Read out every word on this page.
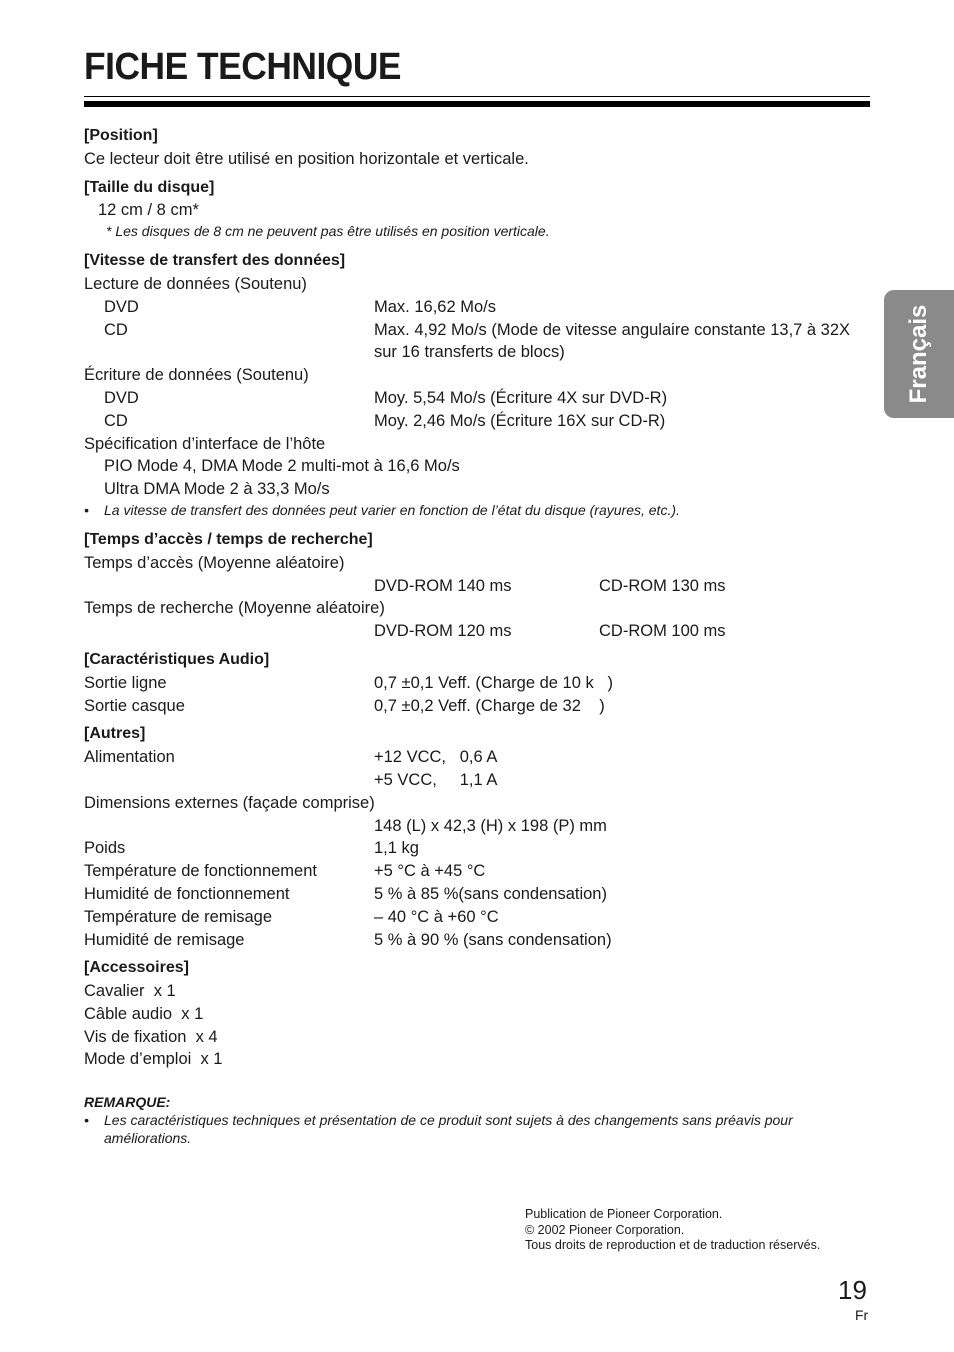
FICHE TECHNIQUE
Français
[Position]
Ce lecteur doit être utilisé en position horizontale et verticale.
[Taille du disque]
12 cm / 8 cm*
* Les disques de 8 cm ne peuvent pas être utilisés en position verticale.
[Vitesse de transfert des données]
Lecture de données (Soutenu)
DVD	Max. 16,62 Mo/s
CD	Max. 4,92 Mo/s (Mode de vitesse angulaire constante 13,7 à 32X sur 16 transferts de blocs)
Écriture de données (Soutenu)
DVD	Moy. 5,54 Mo/s (Écriture 4X sur DVD-R)
CD	Moy. 2,46 Mo/s (Écriture 16X sur CD-R)
Spécification d’interface de l’hôte
PIO Mode 4, DMA Mode 2 multi-mot à 16,6 Mo/s
Ultra DMA Mode 2 à 33,3 Mo/s
• La vitesse de transfert des données peut varier en fonction de l’état du disque (rayures, etc.).
[Temps d’accès / temps de recherche]
Temps d’accès (Moyenne aléatoire)

DVD-ROM 140 ms	CD-ROM 130 ms
Temps de recherche (Moyenne aléatoire)

DVD-ROM 120 ms	CD-ROM 100 ms
[Caractéristiques Audio]
Sortie ligne	0,7 ±0,1 Veff. (Charge de 10 k   )
Sortie casque	0,7 ±0,2 Veff. (Charge de 32    )
[Autres]
Alimentation	+12 VCC,   0,6 A

+5 VCC,     1,1 A
Dimensions externes (façade comprise)

148 (L) x 42,3 (H) x 198 (P) mm
Poids	1,1 kg
Température de fonctionnement	+5 °C à +45 °C
Humidité de fonctionnement	5 % à 85 %(sans condensation)
Température de remisage	– 40 °C à +60 °C
Humidité de remisage	5 % à 90 % (sans condensation)
[Accessoires]
Cavalier  x 1
Câble audio  x 1
Vis de fixation  x 4
Mode d’emploi  x 1
REMARQUE:
• Les caractéristiques techniques et présentation de ce produit sont sujets à des changements sans préavis pour améliorations.
Publication de Pioneer Corporation.
© 2002 Pioneer Corporation.
Tous droits de reproduction et de traduction réservés.
19
Fr
